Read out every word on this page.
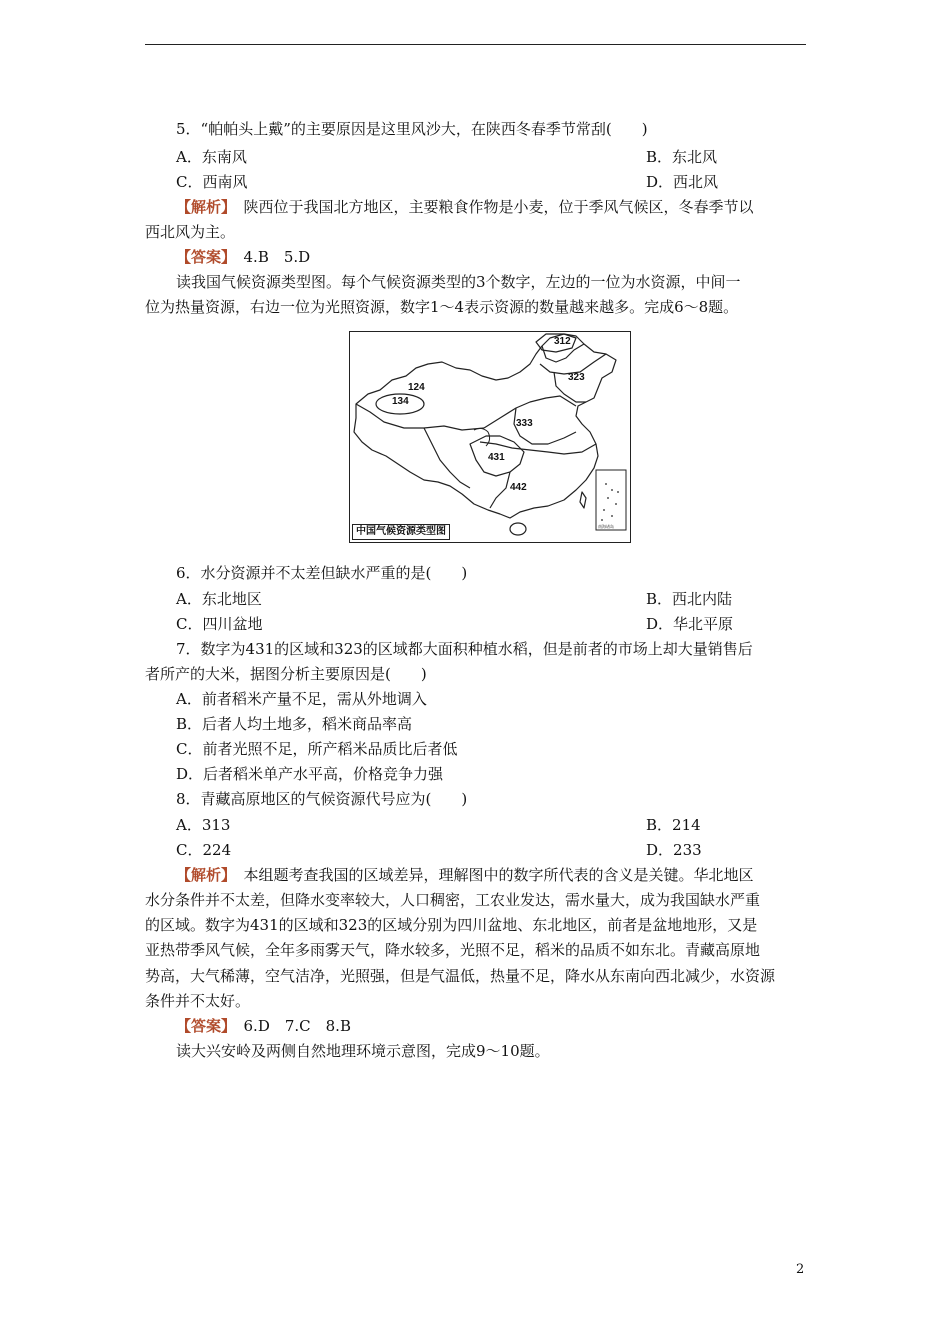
5．“帕帕头上戴”的主要原因是这里风沙大，在陕西冬春季节常刮(　　)
A．东南风	B．东北风
C．西南风	D．西北风
【解析】　陕西位于我国北方地区，主要粮食作物是小麦，位于季风气候区，冬春季节以
西北风为主。
【答案】　4.B　5.D
读我国气候资源类型图。每个气候资源类型的3个数字，左边的一位为水资源，中间一
位为热量资源，右边一位为光照资源，数字1～4表示资源的数量越来越多。完成6～8题。
南海诸岛
312
323
124
134
333
431
442
中国气候资源类型图
6．水分资源并不太差但缺水严重的是(　　)
A．东北地区	B．西北内陆
C．四川盆地	D．华北平原
7．数字为431的区域和323的区域都大面积种植水稻，但是前者的市场上却大量销售后
者所产的大米，据图分析主要原因是(　　)
A．前者稻米产量不足，需从外地调入
B．后者人均土地多，稻米商品率高
C．前者光照不足，所产稻米品质比后者低
D．后者稻米单产水平高，价格竞争力强
8．青藏高原地区的气候资源代号应为(　　)
A．313	B．214
C．224	D．233
【解析】　本组题考查我国的区域差异，理解图中的数字所代表的含义是关键。华北地区
水分条件并不太差，但降水变率较大，人口稠密，工农业发达，需水量大，成为我国缺水严重
的区域。数字为431的区域和323的区域分别为四川盆地、东北地区，前者是盆地地形，又是
亚热带季风气候，全年多雨雾天气，降水较多，光照不足，稻米的品质不如东北。青藏高原地
势高，大气稀薄，空气洁净，光照强，但是气温低，热量不足，降水从东南向西北减少，水资源
条件并不太好。
【答案】　6.D　7.C　8.B
读大兴安岭及两侧自然地理环境示意图，完成9～10题。
2
